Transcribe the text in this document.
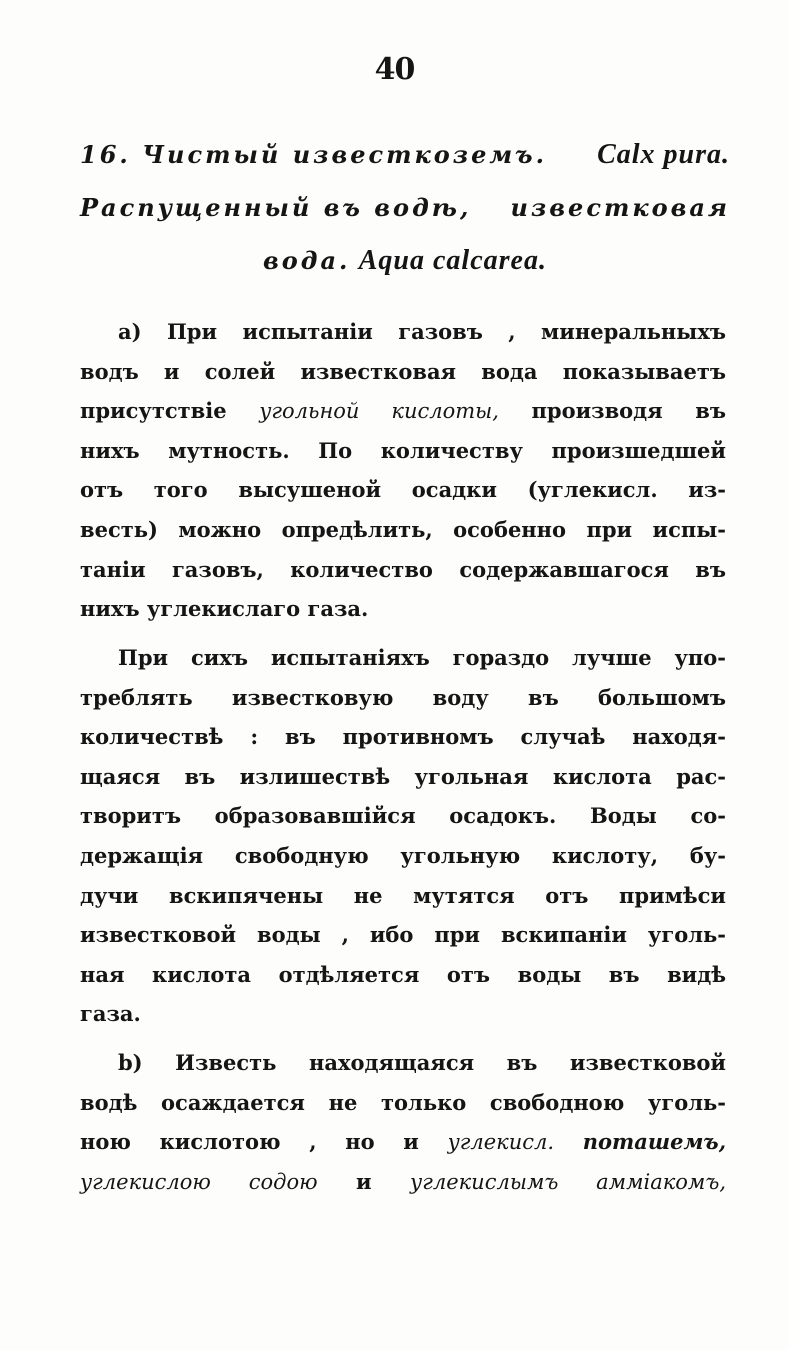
40
16. Чистый известкоземъ. Calx pura.
Распущенный въ водѣ, известковая
вода. Aqua calcarea.
a) При испытаніи газовъ , минеральныхъ
водъ и солей известковая вода показываетъ
присутствіе угольной кислоты, производя въ
нихъ мутность. По количеству произшедшей
отъ того высушеной осадки (углекисл. из-
весть) можно опредѣлить, особенно при испы-
таніи газовъ, количество содержавшагося въ
нихъ углекислаго газа.
При сихъ испытаніяхъ гораздо лучше упо-
треблять известковую воду въ большомъ
количествѣ : въ противномъ случаѣ находя-
щаяся въ излишествѣ угольная кислота рас-
творитъ образовавшійся осадокъ. Воды со-
держащія свободную угольную кислоту, бу-
дучи вскипячены не мутятся отъ примѣси
известковой воды , ибо при вскипаніи уголь-
ная кислота отдѣляется отъ воды въ видѣ
газа.
b) Известь находящаяся въ известковой
водѣ осаждается не только свободною уголь-
ною кислотою , но и углекисл. поташемъ,
углекислою содою и углекислымъ амміакомъ,
